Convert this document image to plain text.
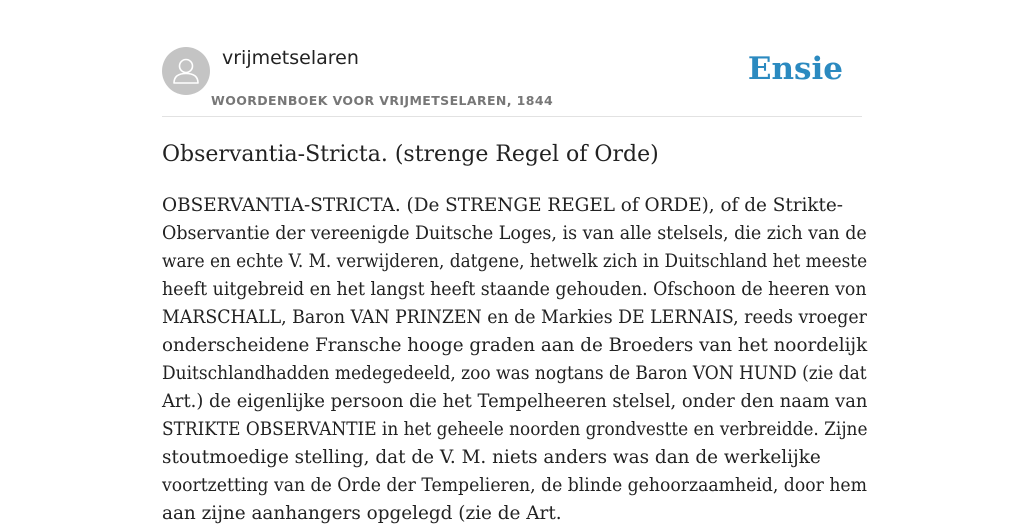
vrijmetselaren
WOORDENBOEK VOOR VRIJMETSELAREN, 1844
Ensie
Observantia-Stricta. (strenge Regel of Orde)
OBSERVANTIA-STRICTA. (De STRENGE REGEL of ORDE), of de Strikte-
Observantie der vereenigde Duitsche Loges, is van alle stelsels, die zich van de
ware en echte V. M. verwijderen, datgene, hetwelk zich in Duitschland het meeste
heeft uitgebreid en het langst heeft staande gehouden. Ofschoon de heeren von
MARSCHALL, Baron VAN PRINZEN en de Markies DE LERNAIS, reeds vroeger
onderscheidene Fransche hooge graden aan de Broeders van het noordelijk
Duitschlandhadden medegedeeld, zoo was nogtans de Baron VON HUND (zie dat
Art.) de eigenlijke persoon die het Tempelheeren stelsel, onder den naam van
STRIKTE OBSERVANTIE in het geheele noorden grondvestte en verbreidde. Zijne
stoutmoedige stelling, dat de V. M. niets anders was dan de werkelijke
voortzetting van de Orde der Tempelieren, de blinde gehoorzaamheid, door hem
aan zijne aanhangers opgelegd (zie de Art.
